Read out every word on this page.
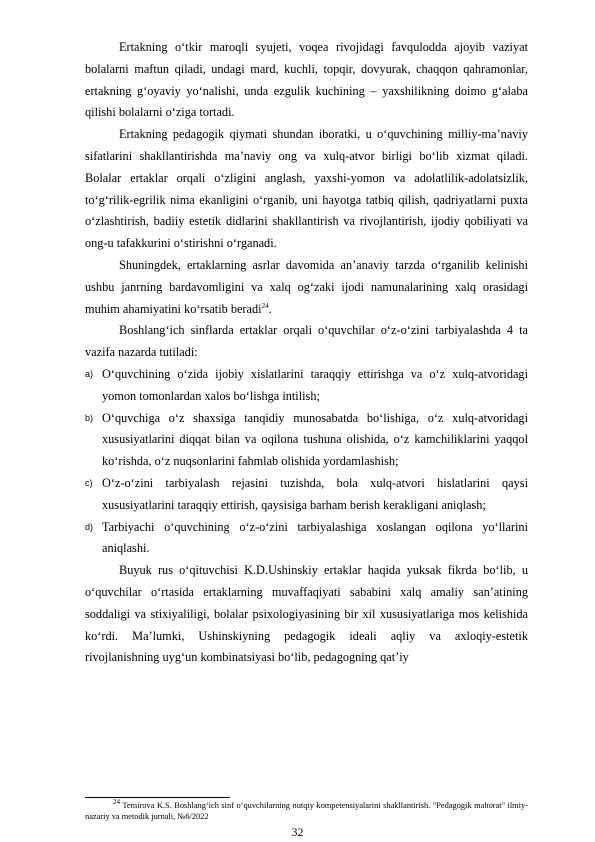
Ertakning o‘tkir maroqli syujeti, voqea rivojidagi favqulodda ajoyib vaziyat bolalarni maftun qiladi, undagi mard, kuchli, topqir, dovyurak, chaqqon qahramonlar, ertakning g‘oyaviy yo‘nalishi, unda ezgulik kuchining – yaxshilikning doimo g‘alaba qilishi bolalarni o‘ziga tortadi.

Ertakning pedagogik qiymati shundan iboratki, u o‘quvchining milliy-ma’naviy sifatlarini shakllantirishda ma’naviy ong va xulq-atvor birligi bo‘lib xizmat qiladi. Bolalar ertaklar orqali o‘zligini anglash, yaxshi-yomon va adolatlilik-adolatsizlik, to‘g‘rilik-egrilik nima ekanligini o‘rganib, uni hayotga tatbiq qilish, qadriyatlarni puxta o‘zlashtirish, badiiy estetik didlarini shakllantirish va rivojlantirish, ijodiy qobiliyati va ong-u tafakkurini o‘stirishni o‘rganadi.

Shuningdek, ertaklarning asrlar davomida an’anaviy tarzda o‘rganilib kelinishi ushbu janrning bardavomligini va xalq og‘zaki ijodi namunalarining xalq orasidagi muhim ahamiyatini ko‘rsatib beradi$^{24}$.

Boshlang‘ich sinflarda ertaklar orqali o‘quvchilar o‘z-o‘zini tarbiyalashda 4 ta vazifa nazarda tutiladi:

a) O‘quvchining o‘zida ijobiy xislatlarini taraqqiy ettirishga va o‘z xulq-atvoridagi yomon tomonlardan xalos bo‘lishga intilish;
b) O‘quvchiga o‘z shaxsiga tanqidiy munosabatda bo‘lishiga, o‘z xulq-atvoridagi xususiyatlarini diqqat bilan va oqilona tushuna olishida, o‘z kamchiliklarini yaqqol ko‘rishda, o‘z nuqsonlarini fahmlab olishida yordamlashish;
c) O‘z-o‘zini tarbiyalash rejasini tuzishda, bola xulq-atvori hislatlarini qaysi xususiyatlarini taraqqiy ettirish, qaysisiga barham berish kerakligani aniqlash;
d) Tarbiyachi o‘quvchining o‘z-o‘zini tarbiyalashiga xoslangan oqilona yo‘llarini aniqlashi.

Buyuk rus o‘qituvchisi K.D.Ushinskiy ertaklar haqida yuksak fikrda bo‘lib, u o‘quvchilar o‘rtasida ertaklarning muvaffaqiyati sababini xalq amaliy san’atining soddaligi va stixiyaliligi, bolalar psixologiyasining bir xil xususiyatlariga mos kelishida ko‘rdi. Ma’lumki, Ushinskiyning pedagogik ideali aqliy va axloqiy-estetik rivojlanishning uyg‘un kombinatsiyasi bo‘lib, pedagogning qat’iy

$^{24}$ Temirova K.S. Boshlang‘ich sinf o‘quvchilarning nutqiy kompetensiyalarini shakllantirish. "Pedagogik mahorat" ilmiy-nazariy va metodik jurnali, №6/2022
32
